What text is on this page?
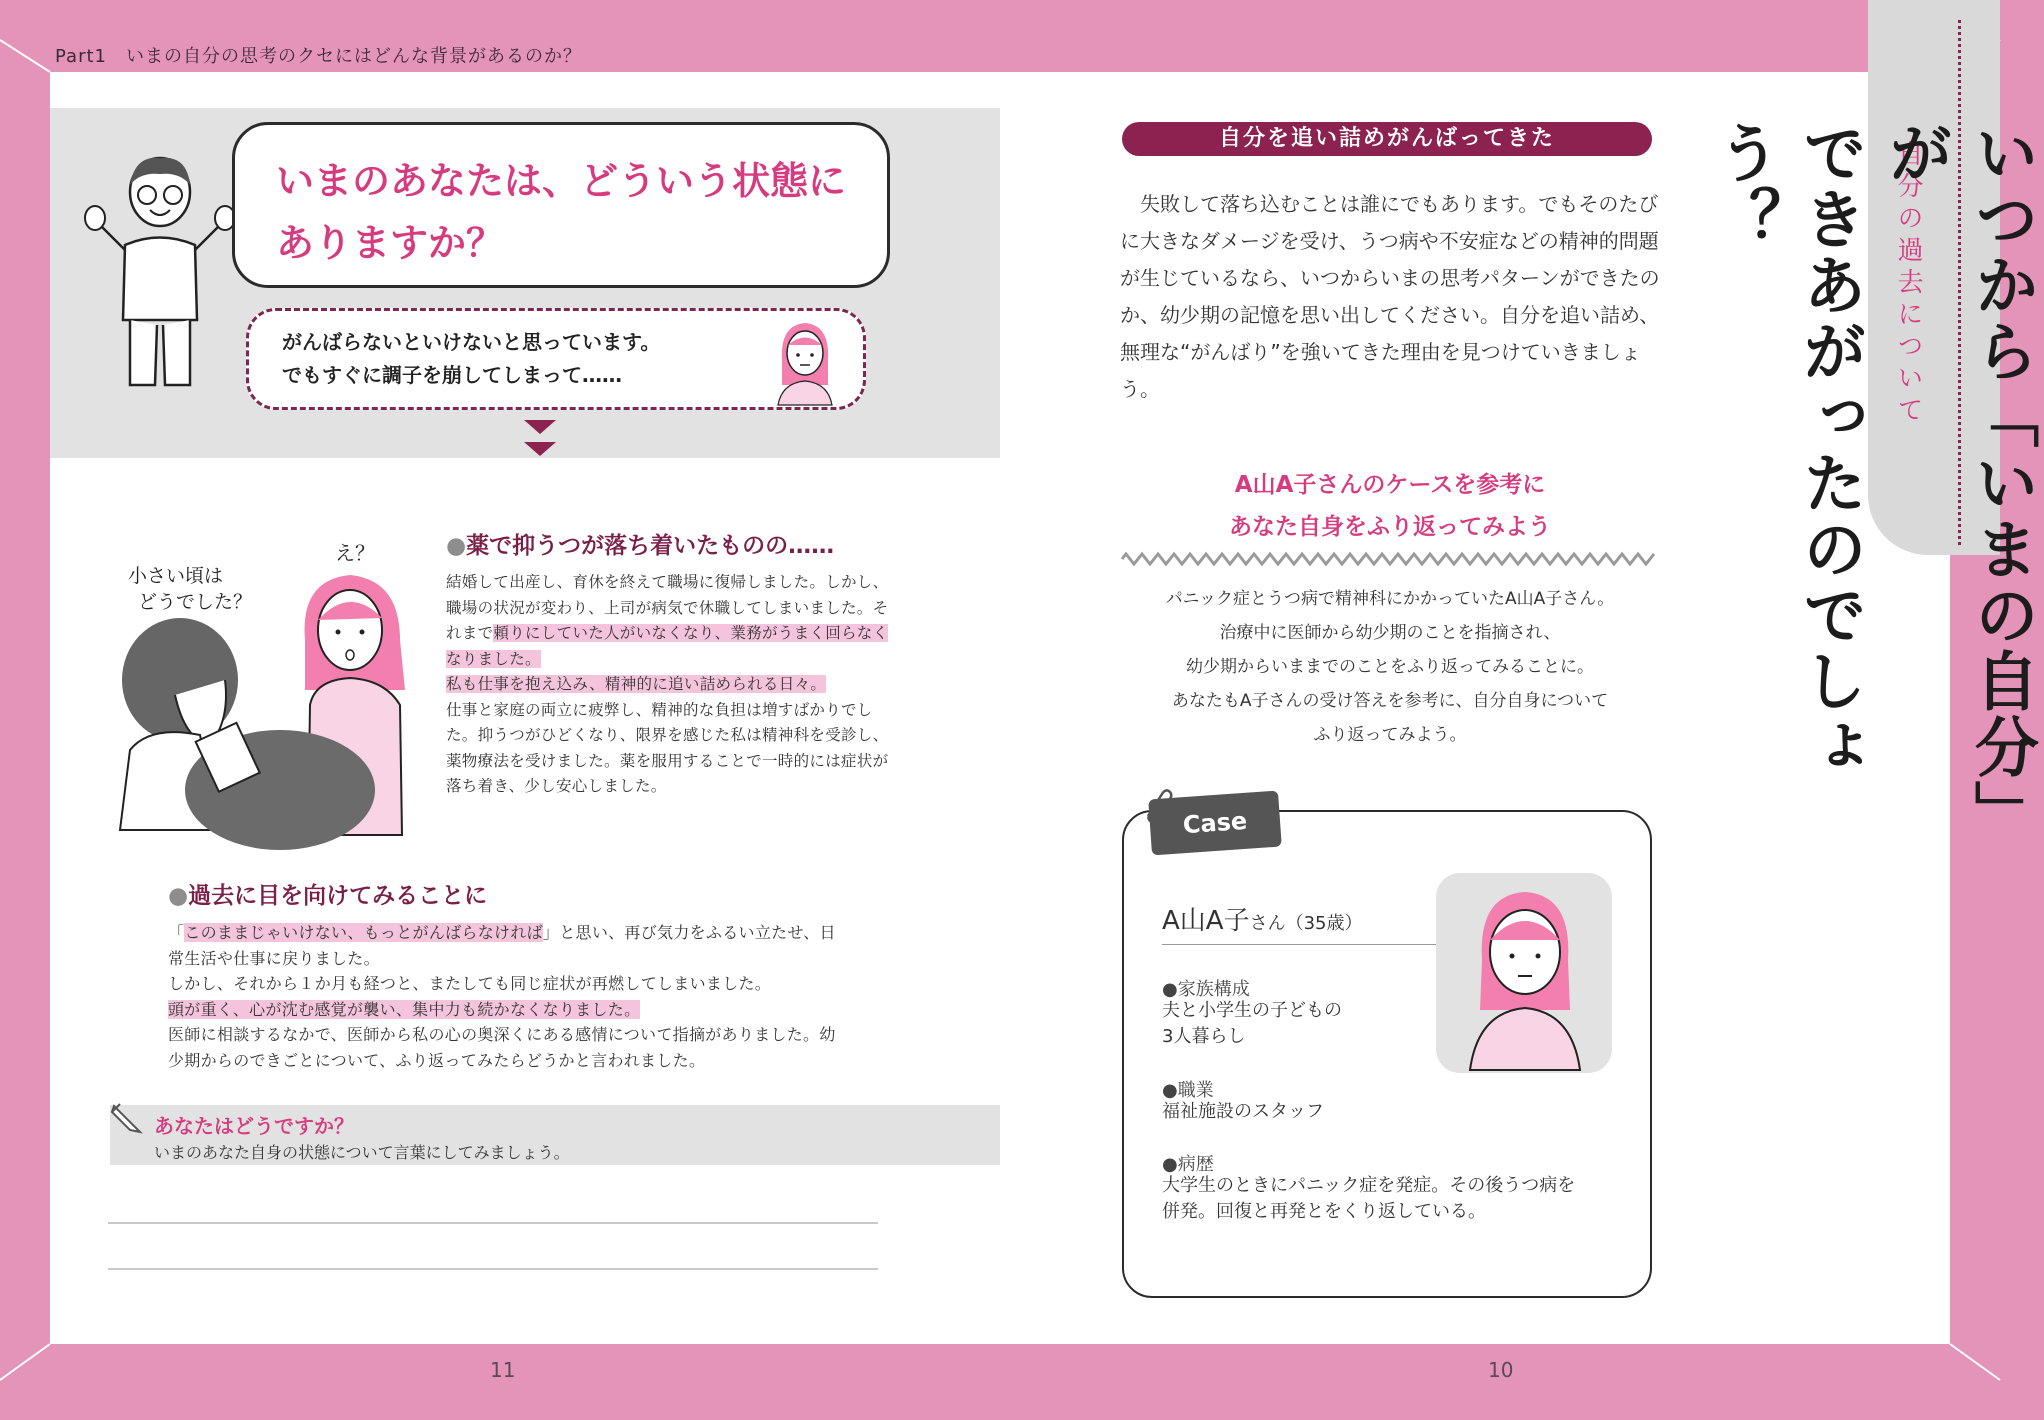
Part1　いまの自分の思考のクセにはどんな背景があるのか？
いまのあなたは、どういう状態にありますか？
がんばらないといけないと思っています。
でもすぐに調子を崩してしまって……
小さい頃は どうでした？
え？	●薬で抑うつが落ち着いたものの……
結婚して出産し、育休を終えて職場に復帰しました。しかし、職場の状況が変わり、上司が病気で休職してしまいました。それまで頼りにしていた人がいなくなり、業務がうまく回らなくなりました。
私も仕事を抱え込み、精神的に追い詰められる日々。
仕事と家庭の両立に疲弊し、精神的な負担は増すばかりでした。抑うつがひどくなり、限界を感じた私は精神科を受診し、薬物療法を受けました。薬を服用することで一時的には症状が落ち着き、少し安心しました。
●過去に目を向けてみることに
「このままじゃいけない、もっとがんばらなければ」と思い、再び気力をふるい立たせ、日常生活や仕事に戻りました。
しかし、それから１か月も経つと、またしても同じ症状が再燃してしまいました。
頭が重く、心が沈む感覚が襲い、集中力も続かなくなりました。
医師に相談するなかで、医師から私の心の奥深くにある感情について指摘がありました。幼少期からのできごとについて、ふり返ってみたらどうかと言われました。
あなたはどうですか？
いまのあなた自身の状態について言葉にしてみましょう。
11	10
自分を追い詰めがんばってきた
失敗して落ち込むことは誰にでもあります。でもそのたびに大きなダメージを受け、うつ病や不安症などの精神的問題が生じているなら、いつからいまの思考パターンができたのか、幼少期の記憶を思い出してください。自分を追い詰め、無理な“がんばり”を強いてきた理由を見つけていきましょう。
A山A子さんのケースを参考に
あなた自身をふり返ってみよう
パニック症とうつ病で精神科にかかっていたA山A子さん。
治療中に医師から幼少期のことを指摘され、
幼少期からいままでのことをふり返ってみることに。
あなたもA子さんの受け答えを参考に、自分自身について
ふり返ってみよう。
Case
A山A子さん（35歳）
●家族構成
夫と小学生の子どもの
3人暮らし
●職業
福祉施設のスタッフ
●病歴
大学生のときにパニック症を発症。その後うつ病を
併発。回復と再発とをくり返している。
自分の過去について いつから「いまの自分」が
できあがったのでしょう？
